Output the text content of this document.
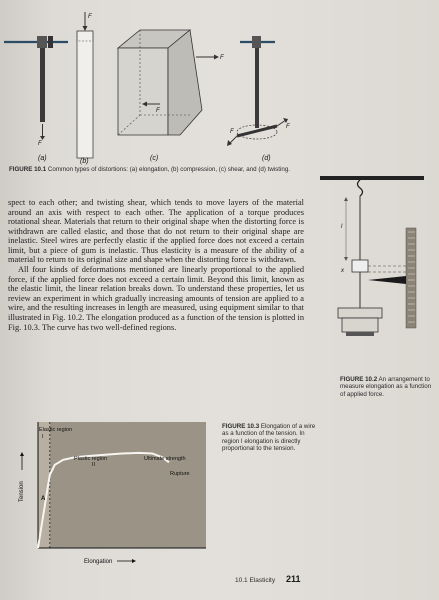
F
F
F
F
F
F
(a)	(b)	(c)	(d)
FIGURE 10.1 Common types of distortions: (a) elongation, (b) compression, (c) shear, and (d) twisting.

spect to each other; and twisting shear, which tends to move layers of the material around an axis with respect to each other. The application of a torque produces rotational shear. Materials that return to their original shape when the distorting force is withdrawn are called elastic, and those that do not return to their original shape are inelastic. Steel wires are perfectly elastic if the applied force does not exceed a certain limit, but a piece of gum is inelastic. Thus elasticity is a measure of the ability of a material to return to its original size and shape when the distorting force is withdrawn.

All four kinds of deformations mentioned are linearly proportional to the applied force, if the applied force does not exceed a certain limit. Beyond this limit, known as the elastic limit, the linear relation breaks down. To understand these properties, let us review an experiment in which gradually increasing amounts of tension are applied to a wire, and the resulting increases in length are measured, using equipment similar to that illustrated in Fig. 10.2. The elongation produced as a function of the tension is plotted in Fig. 10.3. The curve has two well-defined regions.

l
x
FIGURE 10.2 An arrangement to measure elongation as a function of applied force.
Elastic region
I
Plastic region
II
Ultimate strength
Rupture
A
Elongation
Tension
FIGURE 10.3 Elongation of a wire as a function of the tension. In region I elongation is directly proportional to the tension.
10.1 Elasticity	211
